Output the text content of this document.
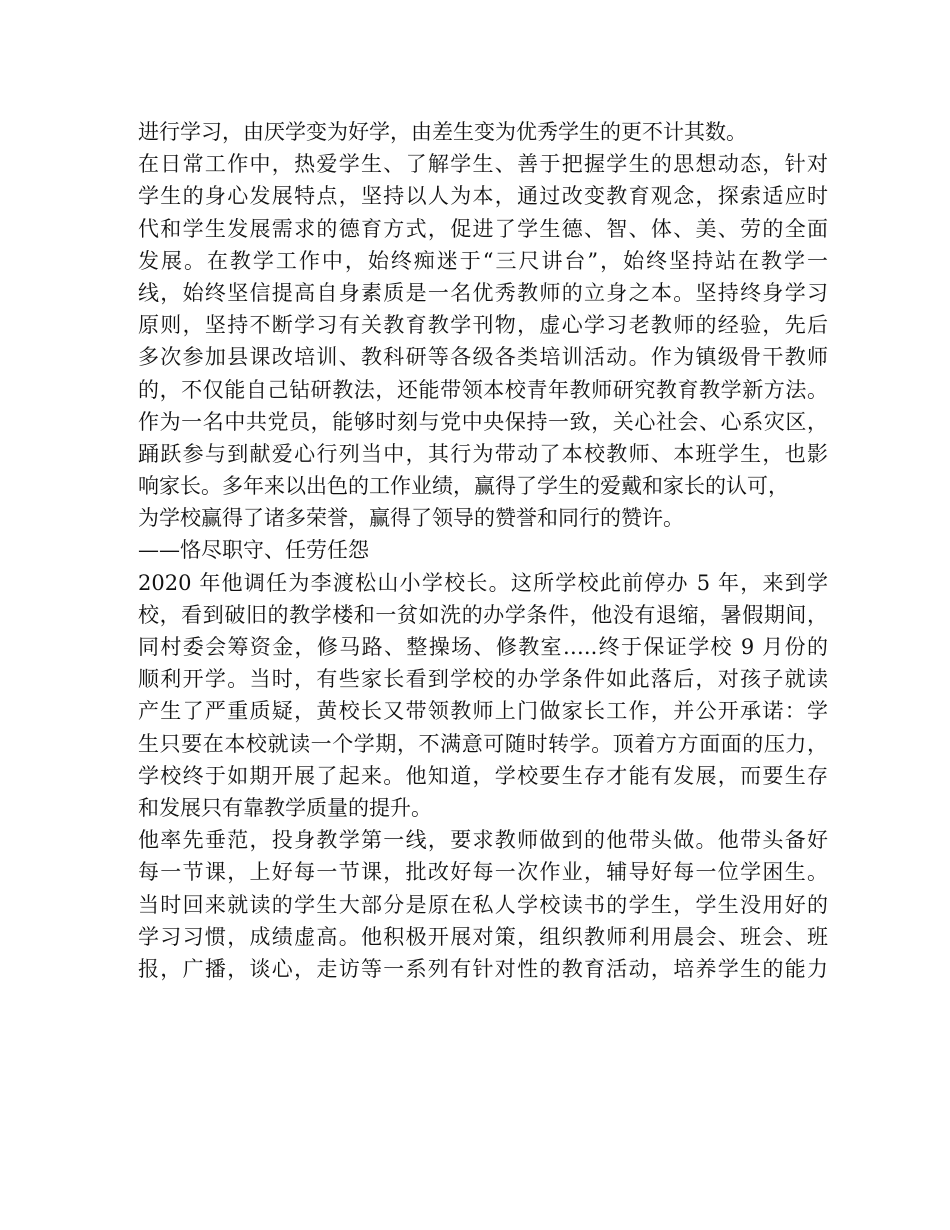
进行学习，由厌学变为好学，由差生变为优秀学生的更不计其数。
在日常工作中，热爱学生、了解学生、善于把握学生的思想动态，针对
学生的身心发展特点，坚持以人为本，通过改变教育观念，探索适应时
代和学生发展需求的德育方式，促进了学生德、智、体、美、劳的全面
发展。在教学工作中，始终痴迷于“三尺讲台”，始终坚持站在教学一
线，始终坚信提高自身素质是一名优秀教师的立身之本。坚持终身学习
原则，坚持不断学习有关教育教学刊物，虚心学习老教师的经验，先后
多次参加县课改培训、教科研等各级各类培训活动。作为镇级骨干教师
的，不仅能自己钻研教法，还能带领本校青年教师研究教育教学新方法。
作为一名中共党员，能够时刻与党中央保持一致，关心社会、心系灾区，
踊跃参与到献爱心行列当中，其行为带动了本校教师、本班学生，也影
响家长。多年来以出色的工作业绩，赢得了学生的爱戴和家长的认可，
为学校赢得了诸多荣誉，赢得了领导的赞誉和同行的赞许。
——恪尽职守、任劳任怨
2020 年他调任为李渡松山小学校长。这所学校此前停办 5 年，来到学
校，看到破旧的教学楼和一贫如洗的办学条件，他没有退缩，暑假期间，
同村委会筹资金，修马路、整操场、修教室…..终于保证学校 9 月份的
顺利开学。当时，有些家长看到学校的办学条件如此落后，对孩子就读
产生了严重质疑，黄校长又带领教师上门做家长工作，并公开承诺：学
生只要在本校就读一个学期，不满意可随时转学。顶着方方面面的压力，
学校终于如期开展了起来。他知道，学校要生存才能有发展，而要生存
和发展只有靠教学质量的提升。
他率先垂范，投身教学第一线，要求教师做到的他带头做。他带头备好
每一节课，上好每一节课，批改好每一次作业，辅导好每一位学困生。
当时回来就读的学生大部分是原在私人学校读书的学生，学生没用好的
学习习惯，成绩虚高。他积极开展对策，组织教师利用晨会、班会、班
报，广播，谈心，走访等一系列有针对性的教育活动，培养学生的能力
